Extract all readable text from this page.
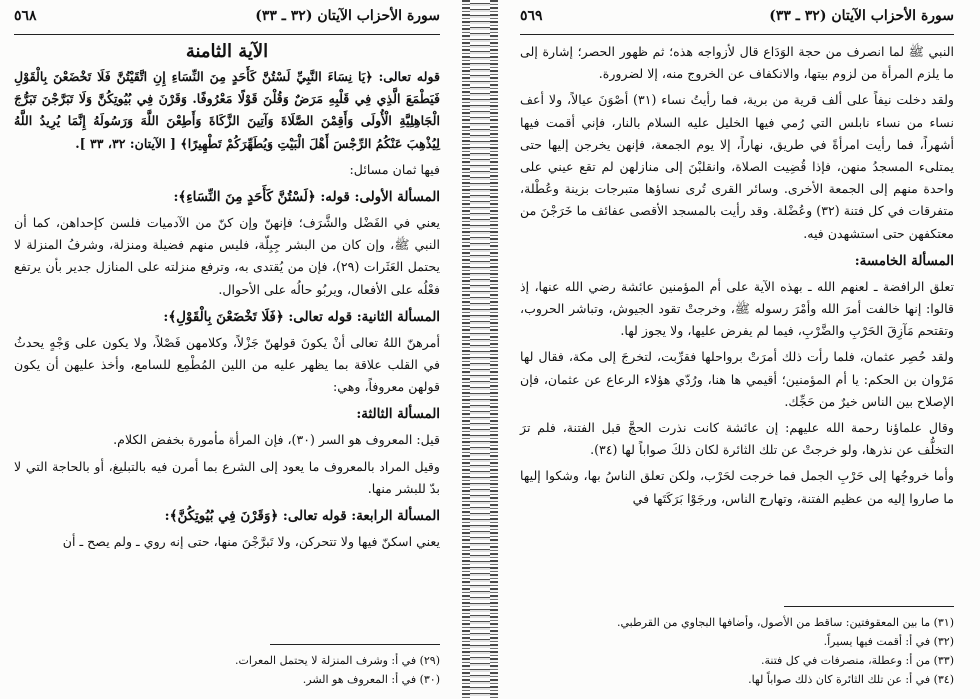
سورة الأحزاب الآيتان (٣٢ ـ ٣٣)
٥٦٨
الآية الثامنة

قوله تعالى: ﴿يَا نِسَاءَ النَّبِيِّ لَسْتُنَّ كَأَحَدٍ مِنَ النِّسَاءِ إِنِ اتَّقَيْتُنَّ فَلَا تَخْضَعْنَ بِالْقَوْلِ فَيَطْمَعَ الَّذِي فِي قَلْبِهِ مَرَضٌ وَقُلْنَ قَوْلًا مَعْرُوفًا. وَقَرْنَ فِي بُيُوتِكُنَّ وَلَا تَبَرَّجْنَ تَبَرُّجَ الْجَاهِلِيَّةِ الْأُولَى وَأَقِمْنَ الصَّلَاةَ وَآتِينَ الزَّكَاةَ وَأَطِعْنَ اللَّهَ وَرَسُولَهُ إِنَّمَا يُرِيدُ اللَّهُ لِيُذْهِبَ عَنْكُمُ الرِّجْسَ أَهْلَ الْبَيْتِ وَيُطَهِّرَكُمْ تَطْهِيرًا﴾ [ الآيتان: ٣٢، ٣٣ ].

فيها ثمان مسائل:

المسألة الأولى: قوله: ﴿لَسْتُنَّ كَأَحَدٍ مِنَ النِّسَاءِ﴾:

يعني في الفَضْل والشَّرَف؛ فإنهنّ وإن كنّ من الآدميات فلسن كإحداهن، كما أن النبي ﷺ، وإن كان من البشر جِبِلّة، فليس منهم فضيلة ومنزلة، وشرفُ المنزلة لا يحتمل العَثَرات (٢٩)، فإن من يُقتدى به، وترفع منزلته على المنازل جدير بأن يرتفع فعْلُه على الأفعال، ويربُو حالُه على الأحوال.

المسألة الثانية: قوله تعالى: ﴿فَلَا تَخْضَعْنَ بِالْقَوْلِ﴾:

أمرهنّ اللهُ تعالى أنْ يكونَ قولهنّ جَزْلاً، وكلامهن فَصْلاً، ولا يكون على وَجْهٍ يحدثُ في القلب علاقة بما يظهر عليه من اللين المُطْمِع للسامع، وأخذ عليهن أن يكون قولهن معروفاً، وهي:

المسألة الثالثة:

قيل: المعروف هو السر (٣٠)، فإن المرأة مأمورة بخفض الكلام.

وقيل المراد بالمعروف ما يعود إلى الشرع بما أمرن فيه بالتبليغ، أو بالحاجة التي لا بدّ للبشر منها.

المسألة الرابعة: قوله تعالى: ﴿وَقَرْنَ فِي بُيُوتِكُنَّ﴾:

يعني اسكنّ فيها ولا تتحركن، ولا تَبرَّجْنَ منها، حتى إنه روي ـ ولم يصح ـ أن

(٢٩) في أ: وشرف المنزلة لا يحتمل المعرات.
(٣٠) في أ: المعروف هو الشر.
سورة الأحزاب الآيتان (٣٢ ـ ٣٣)
٥٦٩

النبي ﷺ لما انصرف من حجة الوَدَاع قال لأزواجه هذه؛ ثم ظهور الحصر؛ إشارة إلى ما يلزم المرأة من لزوم بيتها، والانكفاف عن الخروج منه، إلا لضرورة.

ولقد دخلت نيفاً على ألف قرية من برية، فما رأيتُ نساء (٣١) أصْوَنَ عيالاً، ولا أعف نساء من نساء نابلس التي رُمي فيها الخليل عليه السلام بالنار، فإني أقمت فيها أشهراً، فما رأيت امرأةً في طريق، نهاراً، إلا يوم الجمعة، فإنهن يخرجن إليها حتى يمتلىء المسجدُ منهن، فإذا قُضِيت الصلاة، وانقلبْنَ إلى منازلهن لم تقع عيني على واحدة منهم إلى الجمعة الأخرى. وسائر القرى تُرى نساؤها متبرجات بزينة وعُطْلة، متفرقات في كل فتنة (٣٢) وعُضْلة. وقد رأيت بالمسجد الأقصى عفائف ما خَرَجْنَ من معتكفهن حتى استشهدن فيه.

المسألة الخامسة:

تعلق الرافضة ـ لعنهم الله ـ بهذه الآية على أم المؤمنين عائشة رضي الله عنها، إذ قالوا: إنها خالفت أمرَ الله وأمْرَ رسوله ﷺ، وخرجتْ تقود الجيوش، وتباشر الحروب، وتقتحم مَآزِقَ الحَرْبِ والضَّرْبِ، فيما لم يفرض عليها، ولا يجوز لها.

ولقد حُصِر عثمان، فلما رأت ذلك أمرَتْ برواحلها فقرِّبت، لتخرجَ إلى مكة، فقال لها مَرْوان بن الحكم: يا أم المؤمنين؛ أقيمي ها هنا، ورُدّي هؤلاء الرعاع عن عثمان، فإن الإصلاح بين الناس خيرٌ من حَجِّك.

وقال علماؤنا رحمة الله عليهم: إن عائشة كانت نذرت الحجَّ قبل الفتنة، فلم ترَ التخلُّف عن نذرها، ولو خرجتْ عن تلك الثائرة لكان ذلكَ صواباً لها (٣٤).

وأما خروجُها إلى حَرْبِ الجمل فما خرجت لحَرْب، ولكن تعلق الناسُ بها، وشكوا إليها ما صاروا إليه من عظيم الفتنة، وتهارج الناس، ورجَوْا بَرَكَتَها في

(٣١) ما بين المعقوفتين: ساقط من الأصول، وأضافها البجاوي من القرطبي.
(٣٢) في أ: أقمت فيها يسيراً.
(٣٣) من أ: وعطلة، منصرفات في كل فتنة.
(٣٤) في أ: عن تلك الثائرة كان ذلك صواباً لها.
